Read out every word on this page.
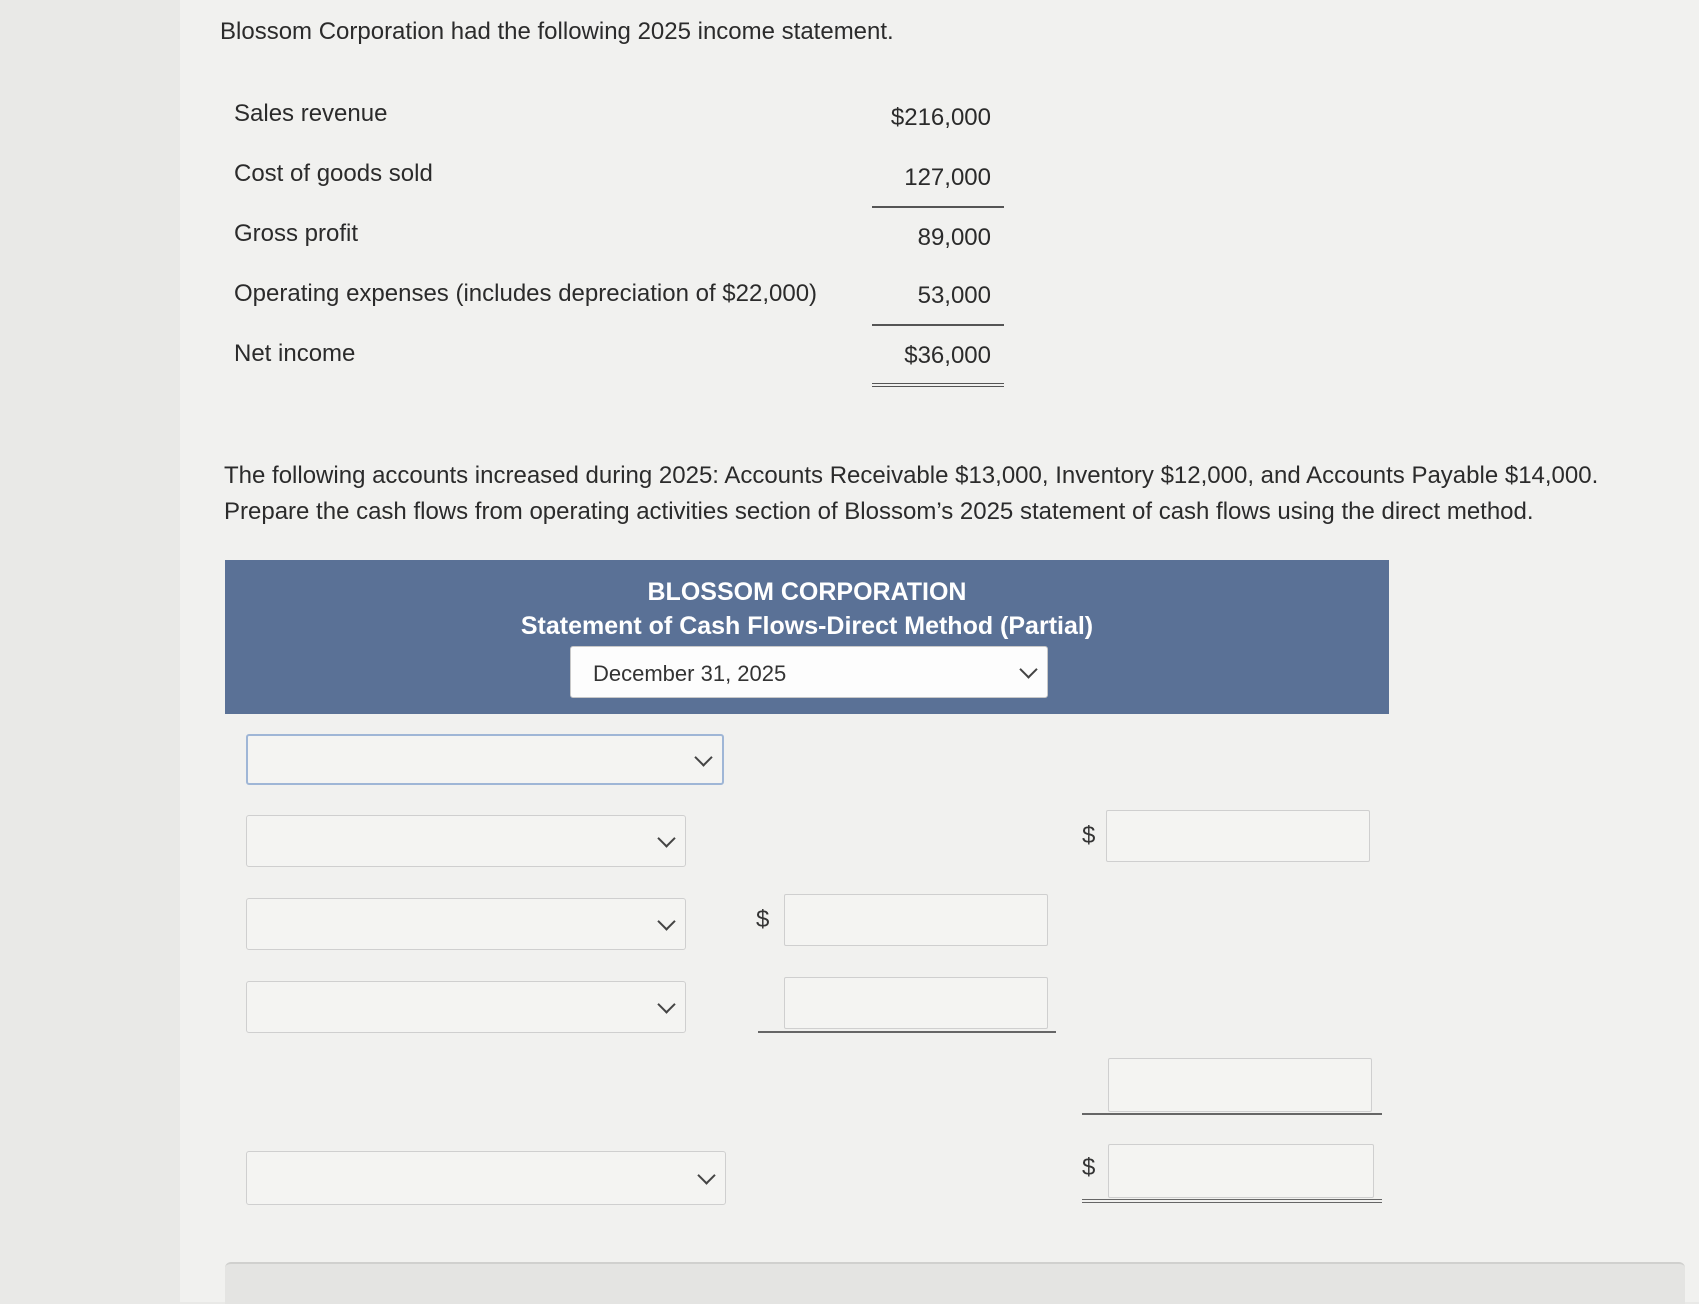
Blossom Corporation had the following 2025 income statement.
Sales revenue	$216,000
Cost of goods sold	127,000
Gross profit	89,000
Operating expenses (includes depreciation of $22,000)	53,000
Net income	$36,000
The following accounts increased during 2025: Accounts Receivable $13,000, Inventory $12,000, and Accounts Payable $14,000. Prepare the cash flows from operating activities section of Blossom’s 2025 statement of cash flows using the direct method.
BLOSSOM CORPORATION
Statement of Cash Flows-Direct Method (Partial)
December 31, 2025
$
$
$
